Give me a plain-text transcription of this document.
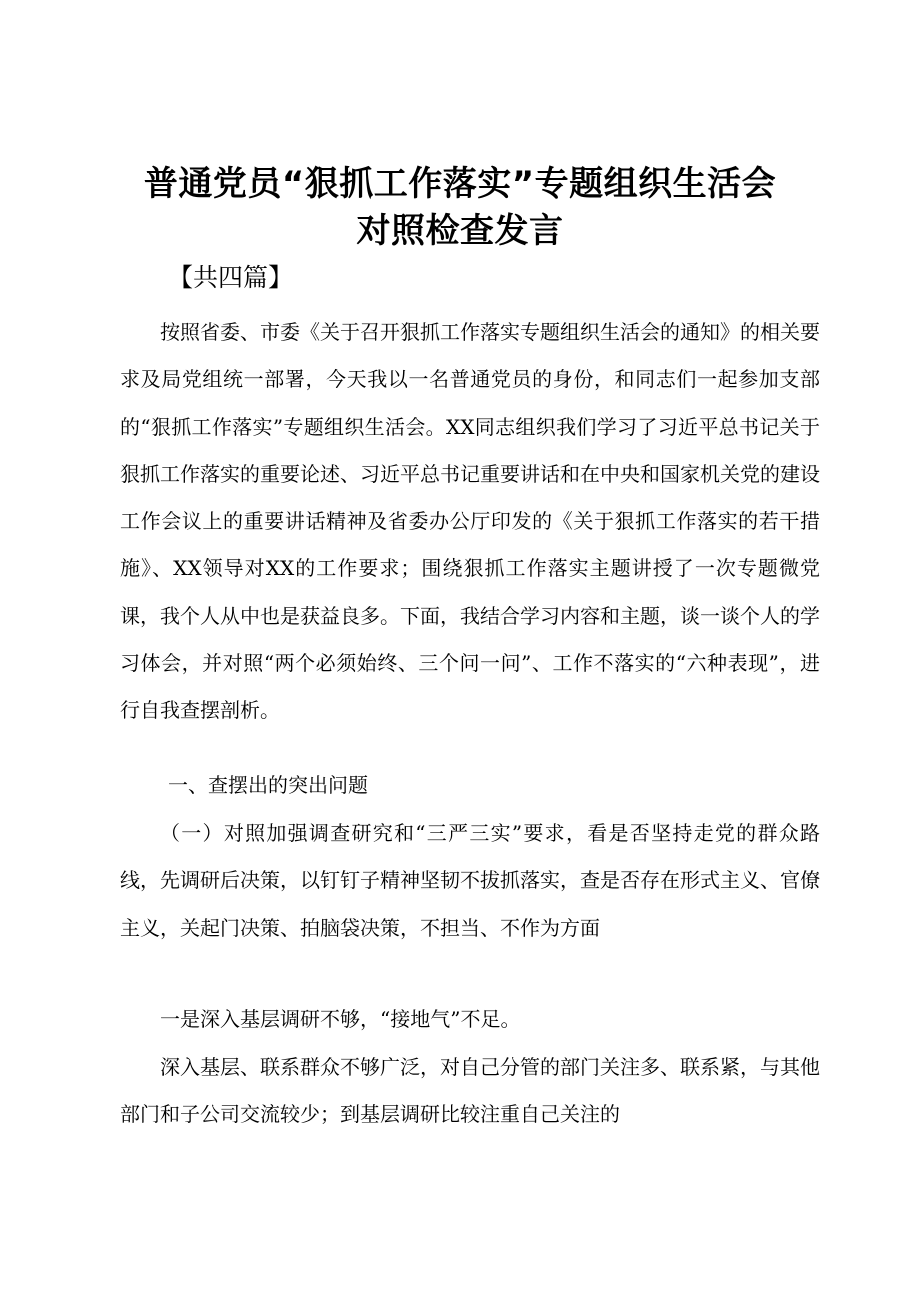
普通党员“狠抓工作落实”专题组织生活会
对照检查发言
【共四篇】

按照省委、市委《关于召开狠抓工作落实专题组织生活会的通知》的相关要求及局党组统一部署，今天我以一名普通党员的身份，和同志们一起参加支部的“狠抓工作落实”专题组织生活会。XX同志组织我们学习了习近平总书记关于狠抓工作落实的重要论述、习近平总书记重要讲话和在中央和国家机关党的建设工作会议上的重要讲话精神及省委办公厅印发的《关于狠抓工作落实的若干措施》、XX领导对XX的工作要求；围绕狠抓工作落实主题讲授了一次专题微党课，我个人从中也是获益良多。下面，我结合学习内容和主题，谈一谈个人的学习体会，并对照“两个必须始终、三个问一问”、工作不落实的“六种表现”，进行自我查摆剖析。

一、查摆出的突出问题

（一）对照加强调查研究和“三严三实”要求，看是否坚持走党的群众路线，先调研后决策，以钉钉子精神坚韧不拔抓落实，查是否存在形式主义、官僚主义，关起门决策、拍脑袋决策，不担当、不作为方面

一是深入基层调研不够，“接地气”不足。

深入基层、联系群众不够广泛，对自己分管的部门关注多、联系紧，与其他部门和子公司交流较少；到基层调研比较注重自己关注的
